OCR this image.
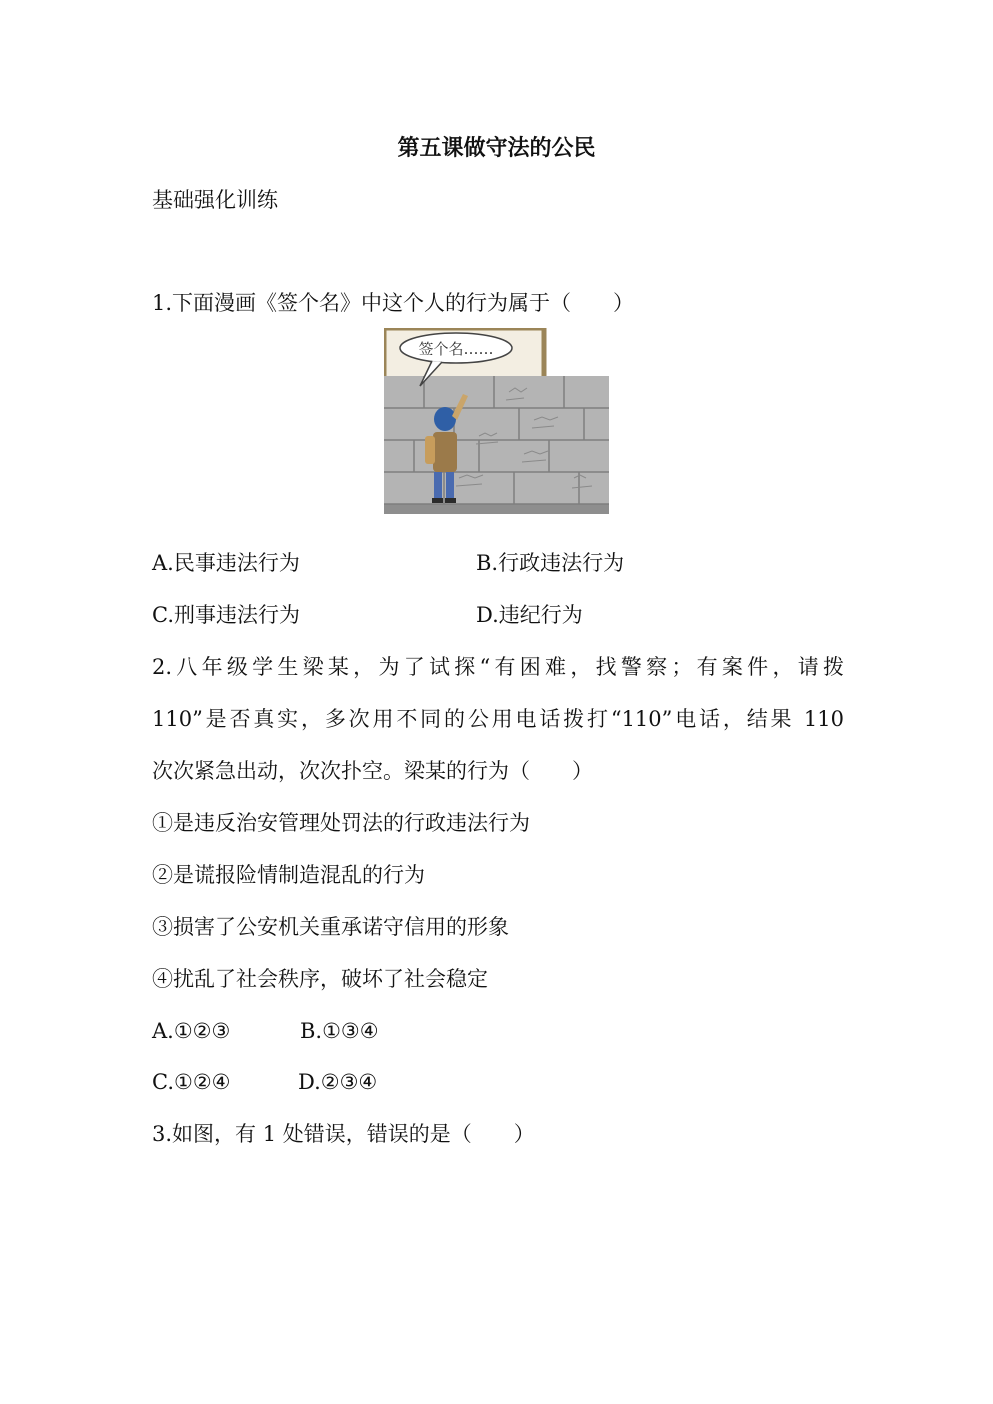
第五课做守法的公民
基础强化训练
1.下面漫画《签个名》中这个人的行为属于（　　）
签个名……
A.民事违法行为	B.行政违法行为
C.刑事违法行为	D.违纪行为
2.八年级学生梁某，为了试探“有困难，找警察；有案件，请拨
110”是否真实，多次用不同的公用电话拨打“110”电话，结果 110
次次紧急出动，次次扑空。梁某的行为（　　）
①是违反治安管理处罚法的行政违法行为
②是谎报险情制造混乱的行为
③损害了公安机关重承诺守信用的形象
④扰乱了社会秩序，破坏了社会稳定
A.①②③	B.①③④
C.①②④	D.②③④
3.如图，有 1 处错误，错误的是（　　）
